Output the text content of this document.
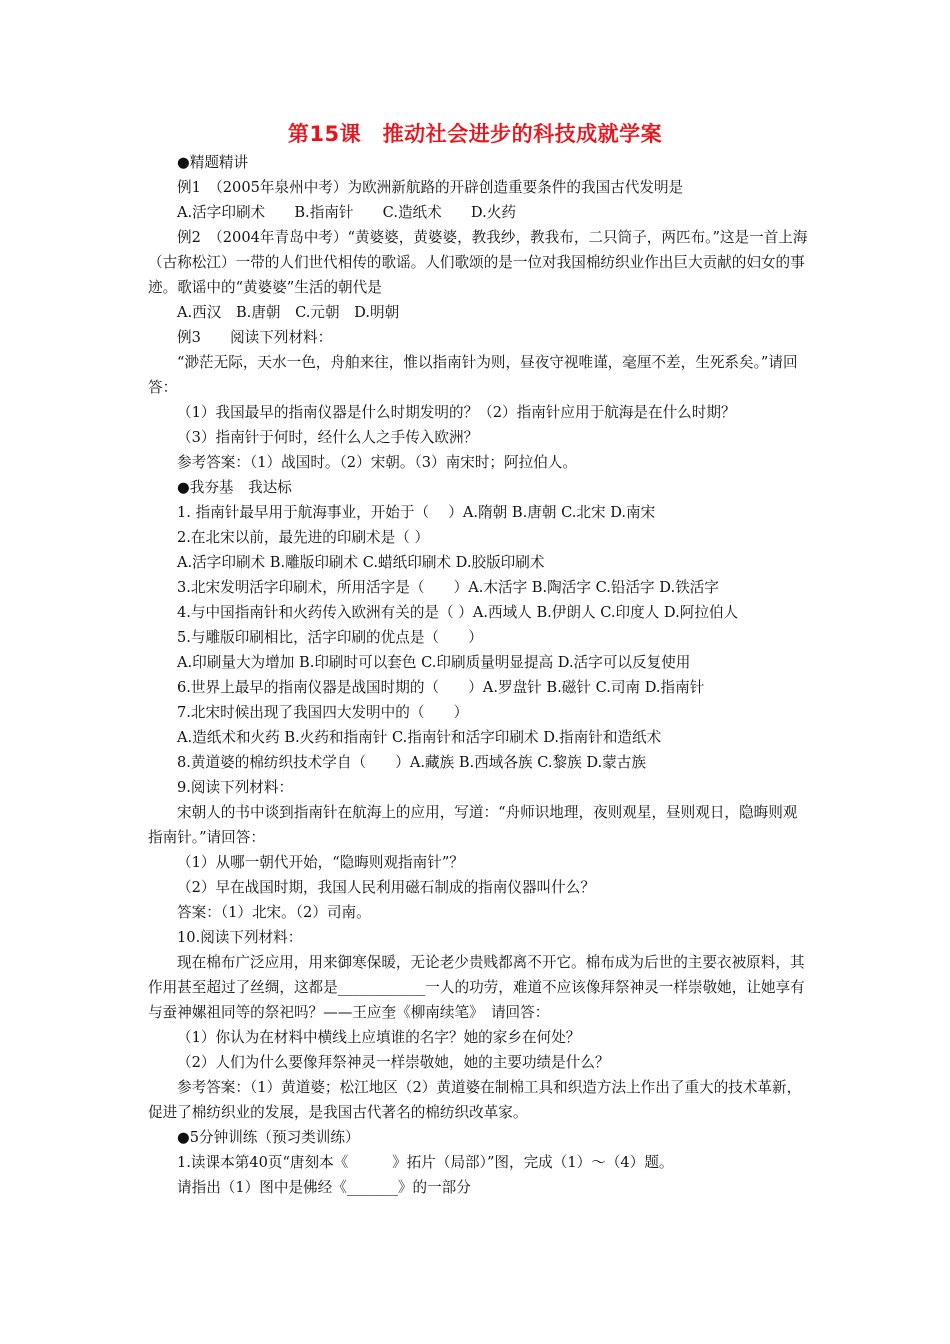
第15课　推动社会进步的科技成就学案

●精题精讲

例1　（2005年泉州中考）为欧洲新航路的开辟创造重要条件的我国古代发明是

A.活字印刷术　　B.指南针　　C.造纸术　　D.火药

例2　（2004年青岛中考）“黄婆婆，黄婆婆，教我纱，教我布，二只筒子，两匹布。”这是一首上海（古称松江）一带的人们世代相传的歌谣。人们歌颂的是一位对我国棉纺织业作出巨大贡献的妇女的事迹。歌谣中的“黄婆婆”生活的朝代是

A.西汉　B.唐朝　C.元朝　D.明朝

例3　　阅读下列材料：

“渺茫无际，天水一色，舟舶来往，惟以指南针为则，昼夜守视唯谨，毫厘不差，生死系矣。”请回答：

（1）我国最早的指南仪器是什么时期发明的？（2）指南针应用于航海是在什么时期？

（3）指南针于何时，经什么人之手传入欧洲？

参考答案：（1）战国时。（2）宋朝。（3）南宋时；阿拉伯人。

●我夯基　我达标

1. 指南针最早用于航海事业，开始于（　 ）A.隋朝 B.唐朝 C.北宋 D.南宋

2.在北宋以前，最先进的印刷术是（ ）

A.活字印刷术 B.雕版印刷术 C.蜡纸印刷术 D.胶版印刷术

3.北宋发明活字印刷术，所用活字是（　　）A.木活字 B.陶活字 C.铅活字 D.铁活字

4.与中国指南针和火药传入欧洲有关的是（ ）A.西域人 B.伊朗人 C.印度人 D.阿拉伯人

5.与雕版印刷相比，活字印刷的优点是（　　）

A.印刷量大为增加 B.印刷时可以套色 C.印刷质量明显提高 D.活字可以反复使用

6.世界上最早的指南仪器是战国时期的（　　）A.罗盘针 B.磁针 C.司南 D.指南针

7.北宋时候出现了我国四大发明中的（　　）

A.造纸术和火药 B.火药和指南针 C.指南针和活字印刷术 D.指南针和造纸术

8.黄道婆的棉纺织技术学自（　　）A.藏族 B.西域各族 C.黎族 D.蒙古族

9.阅读下列材料：

宋朝人的书中谈到指南针在航海上的应用，写道：“舟师识地理，夜则观星，昼则观日，隐晦则观指南针。”请回答：

（1）从哪一朝代开始，“隐晦则观指南针”？

（2）早在战国时期，我国人民利用磁石制成的指南仪器叫什么？

答案：（1）北宋。（2）司南。

10.阅读下列材料：

现在棉布广泛应用，用来御寒保暖，无论老少贵贱都离不开它。棉布成为后世的主要衣被原料，其作用甚至超过了丝绸，这都是____________一人的功劳，难道不应该像拜祭神灵一样崇敬她，让她享有与蚕神嫘祖同等的祭祀吗？——王应奎《柳南续笔》　请回答：

（1）你认为在材料中横线上应填谁的名字？她的家乡在何处？

（2）人们为什么要像拜祭神灵一样崇敬她，她的主要功绩是什么？

参考答案：（1）黄道婆；松江地区（2）黄道婆在制棉工具和织造方法上作出了重大的技术革新，促进了棉纺织业的发展，是我国古代著名的棉纺织改革家。

●5分钟训练（预习类训练）

1.读课本第40页“唐刻本《　　　》拓片（局部）”图，完成（1）～（4）题。

请指出（1）图中是佛经《_______》的一部分
